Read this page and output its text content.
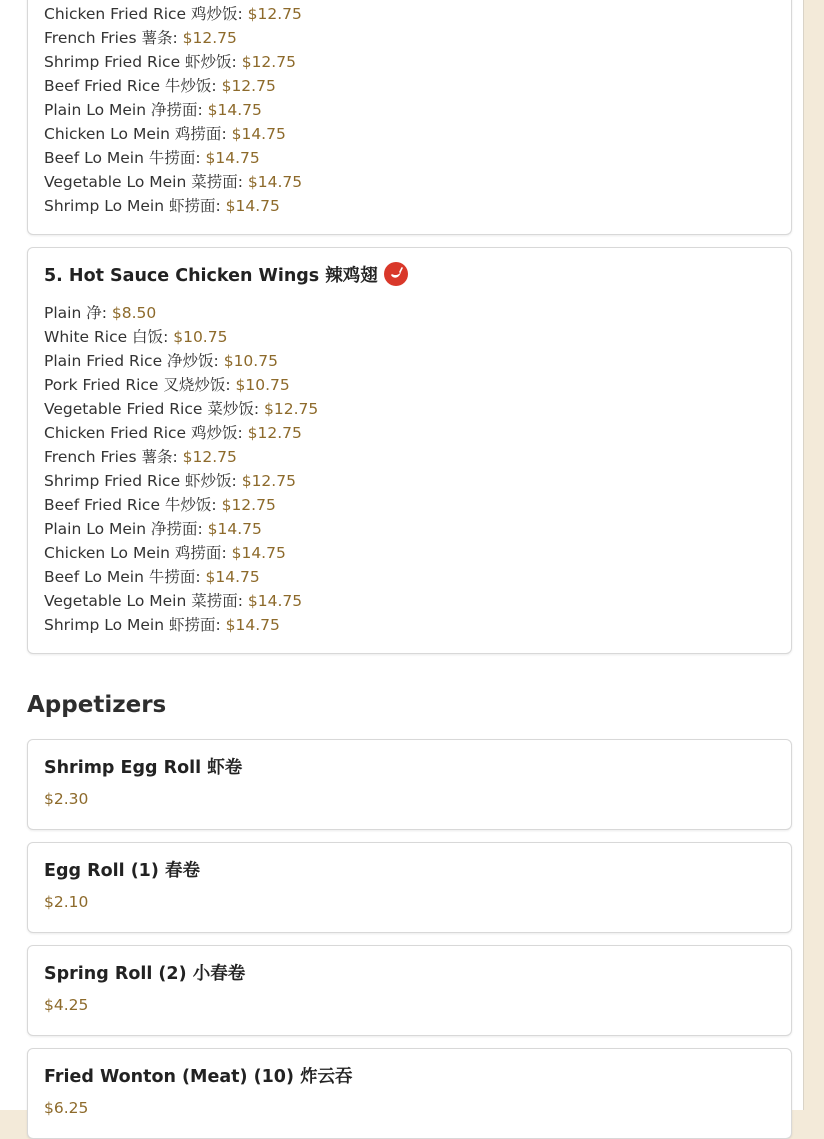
Chicken Fried Rice 鸡炒饭: $12.75
French Fries 薯条: $12.75
Shrimp Fried Rice 虾炒饭: $12.75
Beef Fried Rice 牛炒饭: $12.75
Plain Lo Mein 净捞面: $14.75
Chicken Lo Mein 鸡捞面: $14.75
Beef Lo Mein 牛捞面: $14.75
Vegetable Lo Mein 菜捞面: $14.75
Shrimp Lo Mein 虾捞面: $14.75
5. Hot Sauce Chicken Wings 辣鸡翅
Plain 净: $8.50
White Rice 白饭: $10.75
Plain Fried Rice 净炒饭: $10.75
Pork Fried Rice 叉烧炒饭: $10.75
Vegetable Fried Rice 菜炒饭: $12.75
Chicken Fried Rice 鸡炒饭: $12.75
French Fries 薯条: $12.75
Shrimp Fried Rice 虾炒饭: $12.75
Beef Fried Rice 牛炒饭: $12.75
Plain Lo Mein 净捞面: $14.75
Chicken Lo Mein 鸡捞面: $14.75
Beef Lo Mein 牛捞面: $14.75
Vegetable Lo Mein 菜捞面: $14.75
Shrimp Lo Mein 虾捞面: $14.75
Appetizers
Shrimp Egg Roll 虾卷
$2.30
Egg Roll (1) 春卷
$2.10
Spring Roll (2) 小春卷
$4.25
Fried Wonton (Meat) (10) 炸云吞
$6.25
